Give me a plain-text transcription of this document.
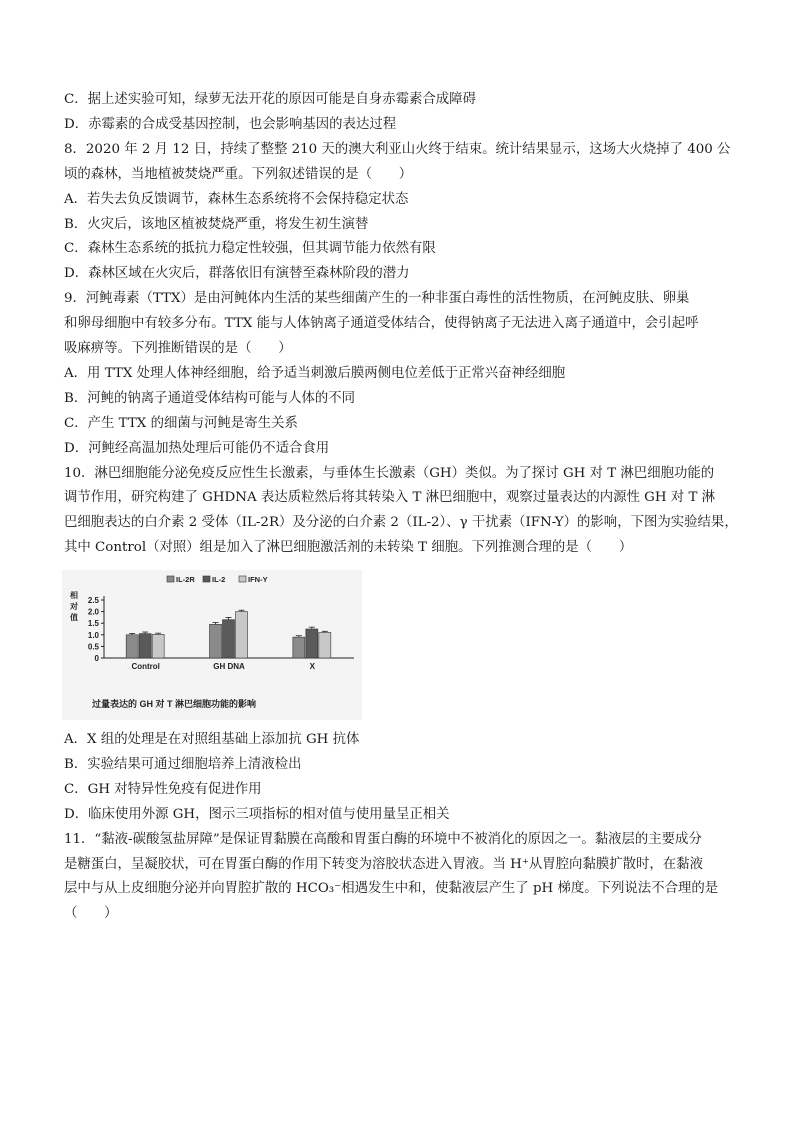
C．据上述实验可知，绿萝无法开花的原因可能是自身赤霉素合成障碍
D．赤霉素的合成受基因控制，也会影响基因的表达过程
8．2020 年 2 月 12 日，持续了整整 210 天的澳大利亚山火终于结束。统计结果显示，这场大火烧掉了 400 公
顷的森林，当地植被焚烧严重。下列叙述错误的是（　　）
A．若失去负反馈调节，森林生态系统将不会保持稳定状态
B．火灾后，该地区植被焚烧严重，将发生初生演替
C．森林生态系统的抵抗力稳定性较强，但其调节能力依然有限
D．森林区域在火灾后，群落依旧有演替至森林阶段的潜力
9．河鲀毒素（TTX）是由河鲀体内生活的某些细菌产生的一种非蛋白毒性的活性物质，在河鲀皮肤、卵巢
和卵母细胞中有较多分布。TTX 能与人体钠离子通道受体结合，使得钠离子无法进入离子通道中，会引起呼
吸麻痹等。下列推断错误的是（　　）
A．用 TTX 处理人体神经细胞，给予适当刺激后膜两侧电位差低于正常兴奋神经细胞
B．河鲀的钠离子通道受体结构可能与人体的不同
C．产生 TTX 的细菌与河鲀是寄生关系
D．河鲀经高温加热处理后可能仍不适合食用
10．淋巴细胞能分泌免疫反应性生长激素，与垂体生长激素（GH）类似。为了探讨 GH 对 T 淋巴细胞功能的
调节作用，研究构建了 GHDNA 表达质粒然后将其转染入 T 淋巴细胞中，观察过量表达的内源性 GH 对 T 淋
巴细胞表达的白介素 2 受体（IL-2R）及分泌的白介素 2（IL-2）、γ 干扰素（IFN-Y）的影响，下图为实验结果，
其中 Control（对照）组是加入了淋巴细胞激活剂的未转染 T 细胞。下列推测合理的是（　　）
0
0.5
1.0
1.5
2.0
2.5
相
对
值
Control	GH DNA	X
IL-2R IL-2	IFN-Y
过量表达的 GH 对 T 淋巴细胞功能的影响
A．X 组的处理是在对照组基础上添加抗 GH 抗体
B．实验结果可通过细胞培养上清液检出
C．GH 对特异性免疫有促进作用
D．临床使用外源 GH，图示三项指标的相对值与使用量呈正相关
11．“黏液-碳酸氢盐屏障”是保证胃黏膜在高酸和胃蛋白酶的环境中不被消化的原因之一。黏液层的主要成分
是糖蛋白，呈凝胶状，可在胃蛋白酶的作用下转变为溶胶状态进入胃液。当 H⁺从胃腔向黏膜扩散时，在黏液
层中与从上皮细胞分泌并向胃腔扩散的 HCO₃⁻相遇发生中和，使黏液层产生了 pH 梯度。下列说法不合理的是
（　　）
